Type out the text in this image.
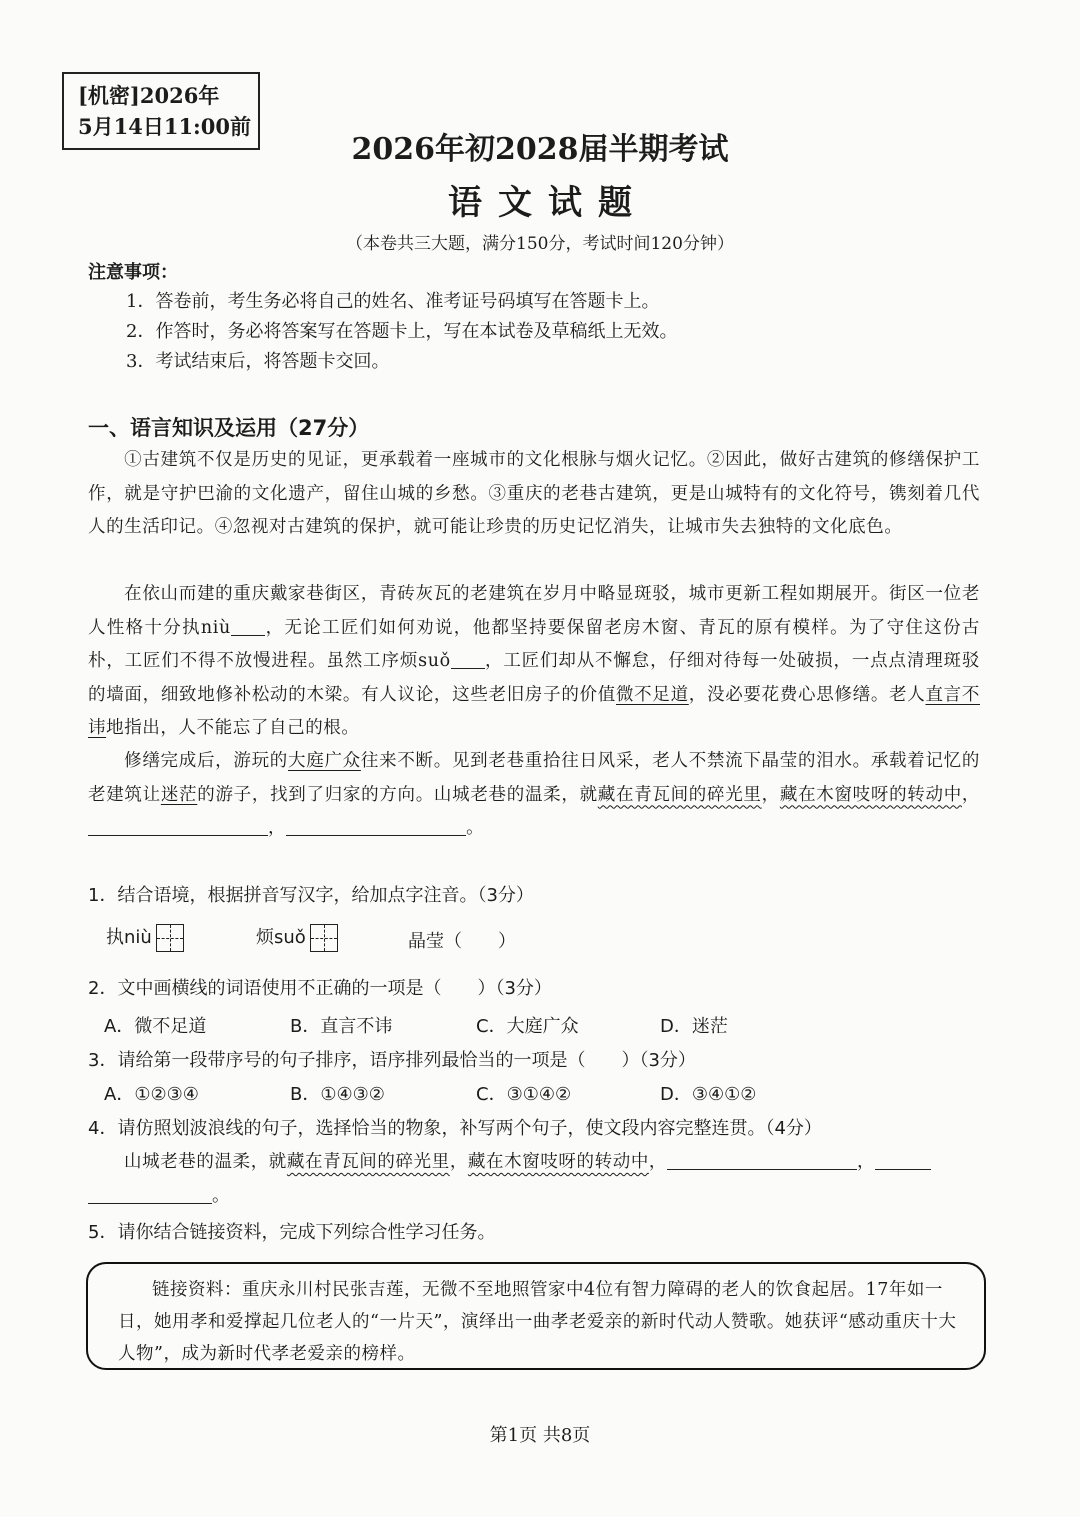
[机密]2026年
5月14日11:00前
2026年初2028届半期考试
语文试题
（本卷共三大题，满分150分，考试时间120分钟）
注意事项：
1．答卷前，考生务必将自己的姓名、准考证号码填写在答题卡上。
2．作答时，务必将答案写在答题卡上，写在本试卷及草稿纸上无效。
3．考试结束后，将答题卡交回。
一、语言知识及运用（27分）
①古建筑不仅是历史的见证，更承载着一座城市的文化根脉与烟火记忆。②因此，做好古建筑的修缮保护工作，就是守护巴渝的文化遗产，留住山城的乡愁。③重庆的老巷古建筑，更是山城特有的文化符号，镌刻着几代人的生活印记。④忽视对古建筑的保护，就可能让珍贵的历史记忆消失，让城市失去独特的文化底色。
在依山而建的重庆戴家巷街区，青砖灰瓦的老建筑在岁月中略显斑驳，城市更新工程如期展开。街区一位老人性格十分执niù ，无论工匠们如何劝说，他都坚持要保留老房木窗、青瓦的原有模样。为了守住这份古朴，工匠们不得不放慢进程。虽然工序烦suǒ ，工匠们却从不懈怠，仔细对待每一处破损，一点点清理斑驳的墙面，细致地修补松动的木梁。有人议论，这些老旧房子的价值微不足道，没必要花费心思修缮。老人直言不讳地指出，人不能忘了自己的根。
修缮完成后，游玩的大庭广众往来不断。见到老巷重拾往日风采，老人不禁流下晶莹的泪水。承载着记忆的老建筑让迷茫的游子，找到了归家的方向。山城老巷的温柔，就藏在青瓦间的碎光里，藏在木窗吱呀的转动中，，	。
1．结合语境，根据拼音写汉字，给加点字注音。（3分）
执niù	烦suǒ	晶莹（　　）
2．文中画横线的词语使用不正确的一项是（　　）（3分）
A．微不足道	B．直言不讳	C．大庭广众	D．迷茫
3．请给第一段带序号的句子排序，语序排列最恰当的一项是（　　）（3分）
A．①②③④	B．①④③②	C．③①④②	D．③④①②
4．请仿照划波浪线的句子，选择恰当的物象，补写两个句子，使文段内容完整连贯。（4分）
山城老巷的温柔，就藏在青瓦间的碎光里，藏在木窗吱呀的转动中，	，
。
5．请你结合链接资料，完成下列综合性学习任务。
链接资料：重庆永川村民张吉莲，无微不至地照管家中4位有智力障碍的老人的饮食起居。17年如一日，她用孝和爱撑起几位老人的“一片天”，演绎出一曲孝老爱亲的新时代动人赞歌。她获评“感动重庆十大人物”，成为新时代孝老爱亲的榜样。
第1页 共8页
